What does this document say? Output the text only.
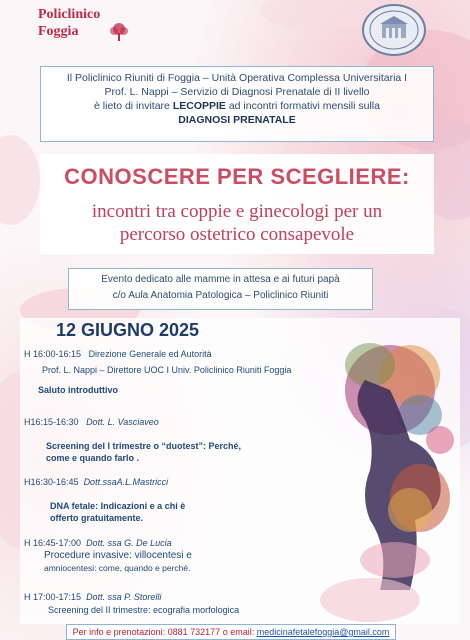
Policlinico
Foggia
Il Policlinico Riuniti di Foggia – Unità Operativa Complessa Universitaria I
Prof. L. Nappi – Servizio di Diagnosi Prenatale di II livello
è lieto di invitare LECOPPIE ad incontri formativi mensili sulla
DIAGNOSI PRENATALE
CONOSCERE PER SCEGLIERE:
incontri tra coppie e ginecologi per un
percorso ostetrico consapevole
Evento dedicato alle mamme in attesa e ai futuri papà
c/o Aula Anatomia Patologica – Policlinico Riuniti
12 GIUGNO 2025
H 16:00-16:15 Direzione Generale ed Autorità
Prof. L. Nappi – Direttore UOC I Univ. Policlinico Riuniti Foggia
Saluto introduttivo
H16:15-16:30 Dott. L. Vasciaveo
Screening del I trimestre o “duotest”: Perché,
come e quando farlo .
H16:30-16:45 Dott.ssaA.L.Mastricci
DNA fetale: Indicazioni e a chi è
offerto gratuitamente.
H 16:45-17:00 Dott. ssa G. De Lucia
Procedure invasive: villocentesi e
amniocentesi: come, quando e perché.
H 17:00-17:15 Dott. ssa P. Storelli
Screening del II trimestre: ecografia morfologica
Per info e prenotazioni: 0881 732177 o email: medicinafetalefoggia@gmail.com
